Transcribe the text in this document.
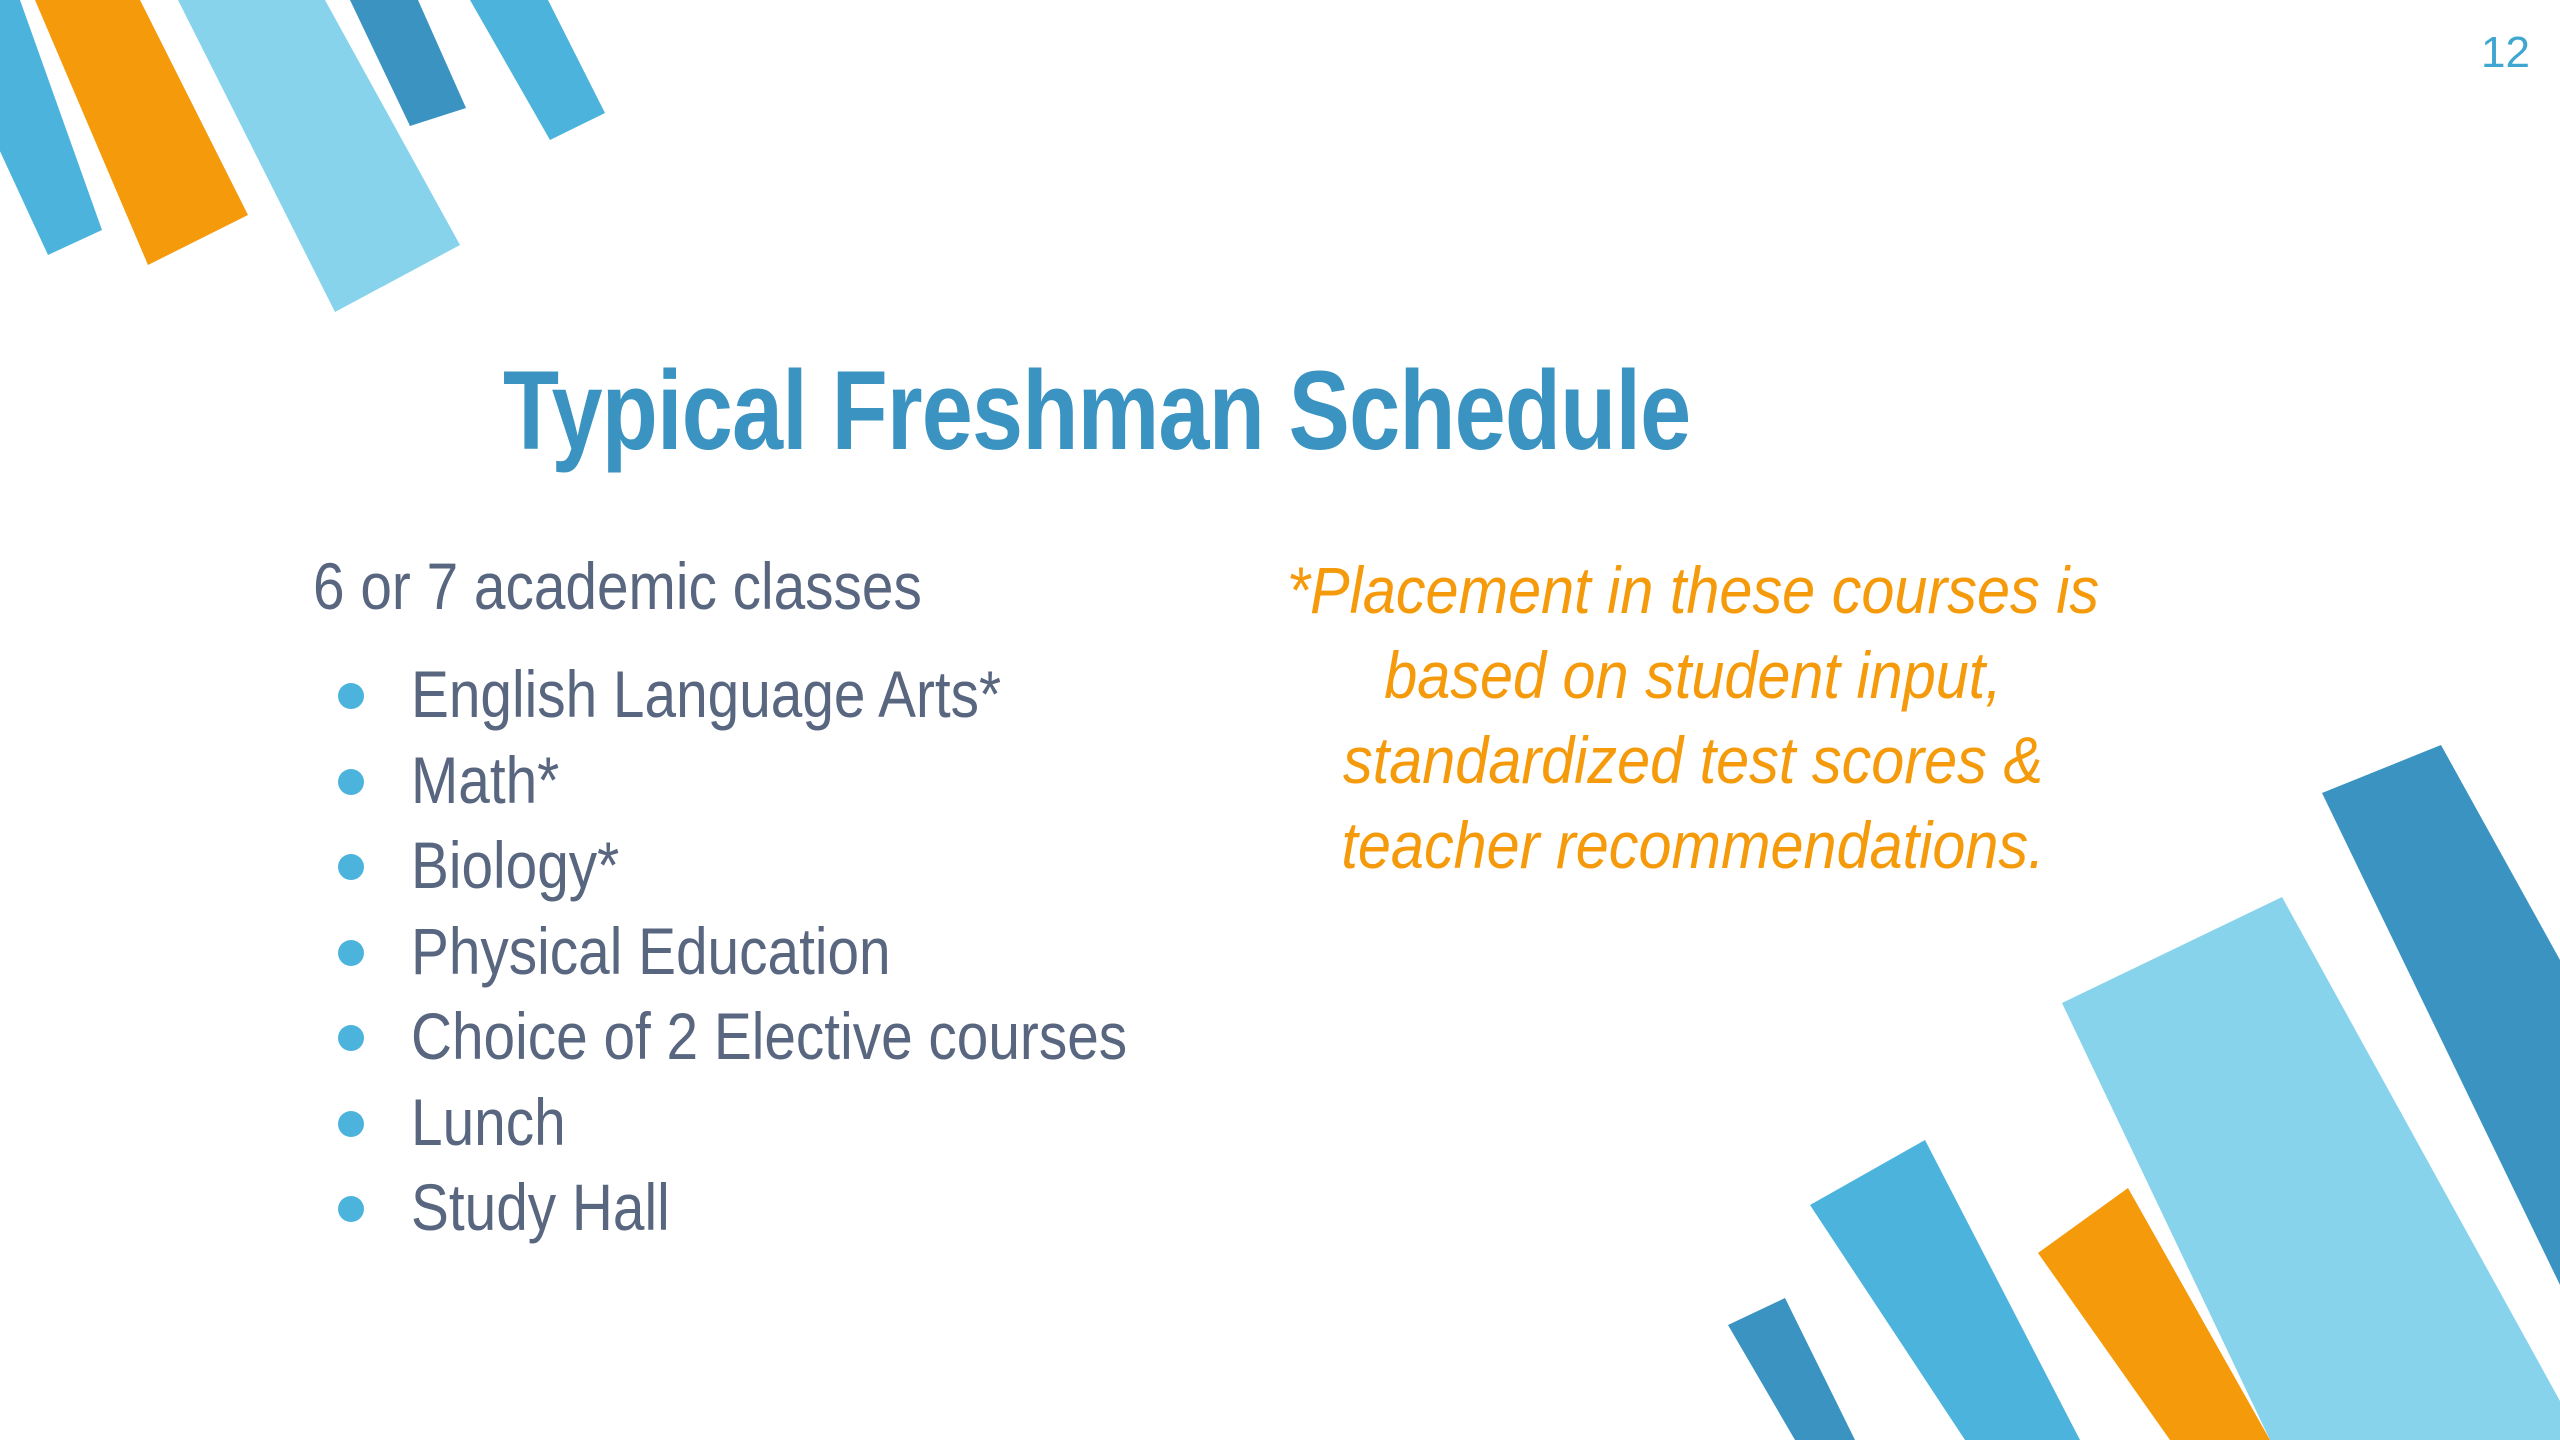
12
Typical Freshman Schedule

6 or 7 academic classes

English Language Arts*
Math*
Biology*
Physical Education
Choice of 2 Elective courses
Lunch
Study Hall

*Placement in these courses is based on student input, standardized test scores & teacher recommendations.
